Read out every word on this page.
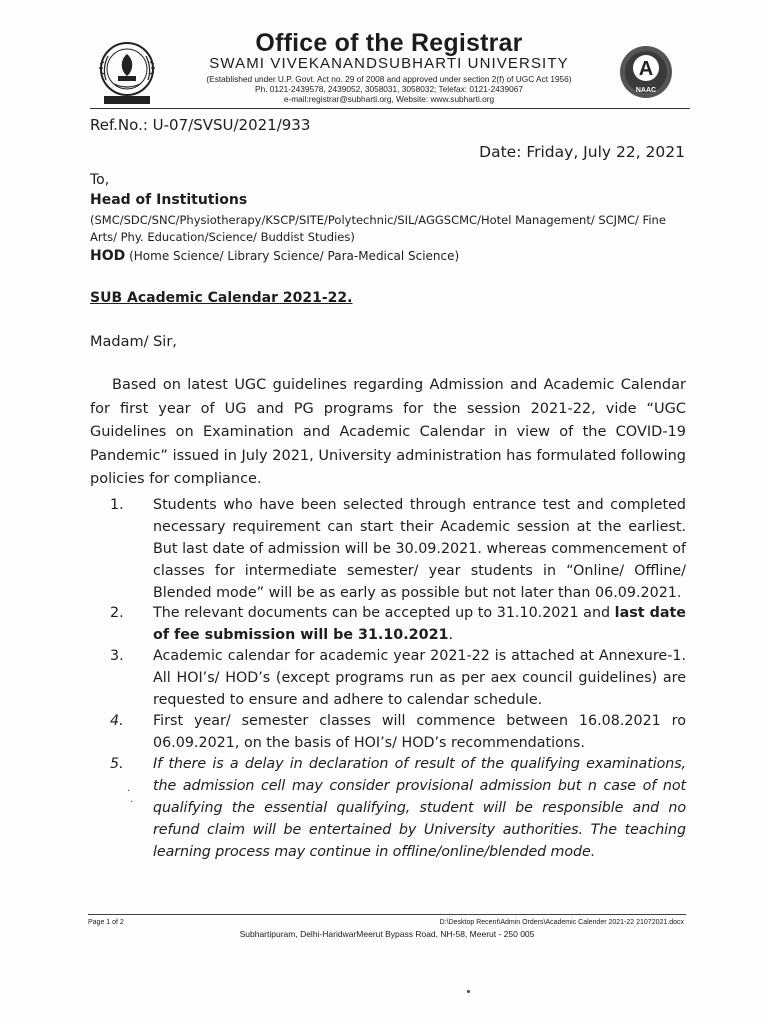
Office of the Registrar
SWAMI VIVEKANANDSUBHARTI UNIVERSITY
(Established under U.P. Govt. Act no. 29 of 2008 and approved under section 2(f) of UGC Act 1956)
Ph. 0121-2439578, 2439052, 3058031, 3058032; Telefax: 0121-2439067
e-mail:registrar@subharti.org, Website: www.subharti.org
A
NAAC
Ref.No.: U-07/SVSU/2021/933
Date: Friday, July 22, 2021
To,
Head of Institutions
(SMC/SDC/SNC/Physiotherapy/KSCP/SITE/Polytechnic/SIL/AGGSCMC/Hotel Management/ SCJMC/ Fine Arts/ Phy. Education/Science/ Buddist Studies)
HOD (Home Science/ Library Science/ Para-Medical Science)
SUB Academic Calendar 2021-22.
Madam/ Sir,
Based on latest UGC guidelines regarding Admission and Academic Calendar for first year of UG and PG programs for the session 2021-22, vide “UGC Guidelines on Examination and Academic Calendar in view of the COVID-19 Pandemic” issued in July 2021, University administration has formulated following policies for compliance.
1.	Students who have been selected through entrance test and completed necessary requirement can start their Academic session at the earliest. But last date of admission will be 30.09.2021. whereas commencement of classes for intermediate semester/ year students in “Online/ Offline/ Blended mode” will be as early as possible but not later than 06.09.2021.
2.	The relevant documents can be accepted up to 31.10.2021 and last date of fee submission will be 31.10.2021.
3.	Academic calendar for academic year 2021-22 is attached at Annexure-1. All HOI’s/ HOD’s (except programs run as per aex council guidelines) are requested to ensure and adhere to calendar schedule.
4.	First year/ semester classes will commence between 16.08.2021 ro 06.09.2021, on the basis of HOI’s/ HOD’s recommendations.
5.	If there is a delay in declaration of result of the qualifying examinations, the admission cell may consider provisional admission but n case of not qualifying the essential qualifying, student will be responsible and no refund claim will be entertained by University authorities. The teaching learning process may continue in offline/online/blended mode.
·
·
Page 1 of 2	D:\Desktop Recent\Admin Orders\Academic Calender 2021-22 21072021.docx
Subhartipuram, Delhi-HaridwarMeerut Bypass Road, NH-58, Meerut - 250 005
